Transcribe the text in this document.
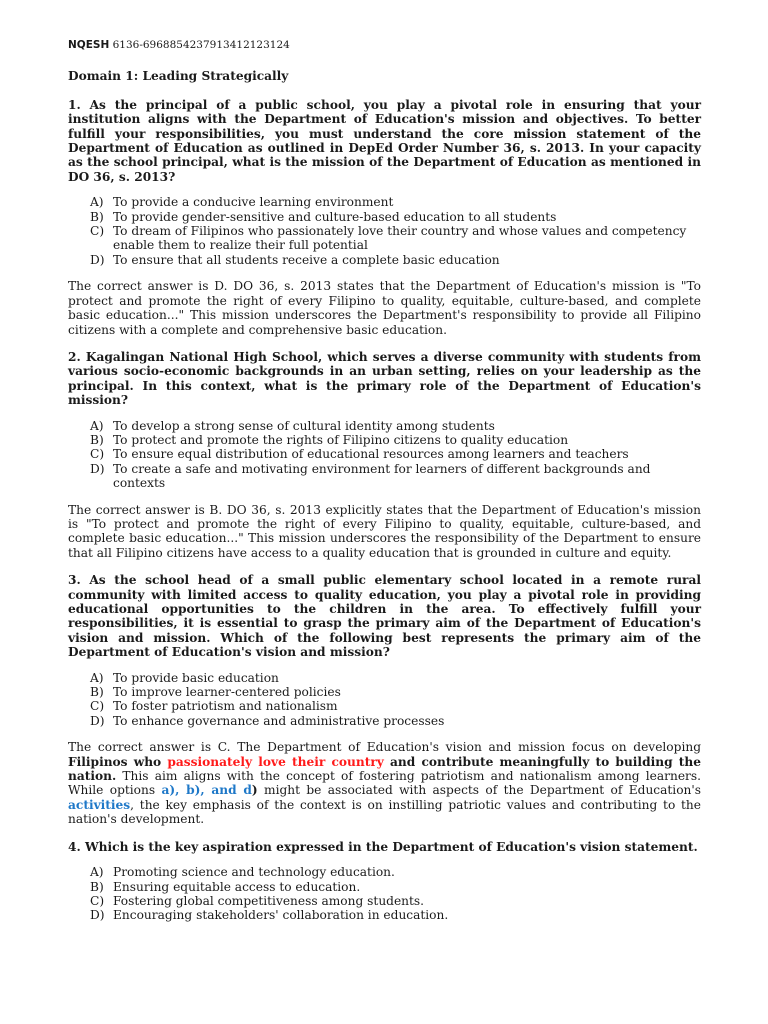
NQESH 6136-696885423791341212312​4
Domain 1: Leading Strategically
1. As the principal of a public school, you play a pivotal role in ensuring that your institution aligns with the Department of Education's mission and objectives. To better fulfill your responsibilities, you must understand the core mission statement of the Department of Education as outlined in DepEd Order Number 36, s. 2013. In your capacity as the school principal, what is the mission of the Department of Education as mentioned in DO 36, s. 2013?
A) To provide a conducive learning environment
B) To provide gender-sensitive and culture-based education to all students
C) To dream of Filipinos who passionately love their country and whose values and competency enable them to realize their full potential
D) To ensure that all students receive a complete basic education
The correct answer is D. DO 36, s. 2013 states that the Department of Education's mission is "To protect and promote the right of every Filipino to quality, equitable, culture-based, and complete basic education..." This mission underscores the Department's responsibility to provide all Filipino citizens with a complete and comprehensive basic education.
2. Kagalingan National High School, which serves a diverse community with students from various socio-economic backgrounds in an urban setting, relies on your leadership as the principal. In this context, what is the primary role of the Department of Education's mission?
A) To develop a strong sense of cultural identity among students
B) To protect and promote the rights of Filipino citizens to quality education
C) To ensure equal distribution of educational resources among learners and teachers
D) To create a safe and motivating environment for learners of different backgrounds and contexts
The correct answer is B. DO 36, s. 2013 explicitly states that the Department of Education's mission is "To protect and promote the right of every Filipino to quality, equitable, culture-based, and complete basic education..." This mission underscores the responsibility of the Department to ensure that all Filipino citizens have access to a quality education that is grounded in culture and equity.
3. As the school head of a small public elementary school located in a remote rural community with limited access to quality education, you play a pivotal role in providing educational opportunities to the children in the area. To effectively fulfill your responsibilities, it is essential to grasp the primary aim of the Department of Education's vision and mission. Which of the following best represents the primary aim of the Department of Education's vision and mission?
A) To provide basic education
B) To improve learner-centered policies
C) To foster patriotism and nationalism
D) To enhance governance and administrative processes
The correct answer is C. The Department of Education's vision and mission focus on developing Filipinos who passionately love their country and contribute meaningfully to building the nation. This aim aligns with the concept of fostering patriotism and nationalism among learners. While options a), b), and d) might be associated with aspects of the Department of Education's activities, the key emphasis of the context is on instilling patriotic values and contributing to the nation's development.
4. Which is the key aspiration expressed in the Department of Education's vision statement.
A) Promoting science and technology education.
B) Ensuring equitable access to education.
C) Fostering global competitiveness among students.
D) Encouraging stakeholders' collaboration in education.
